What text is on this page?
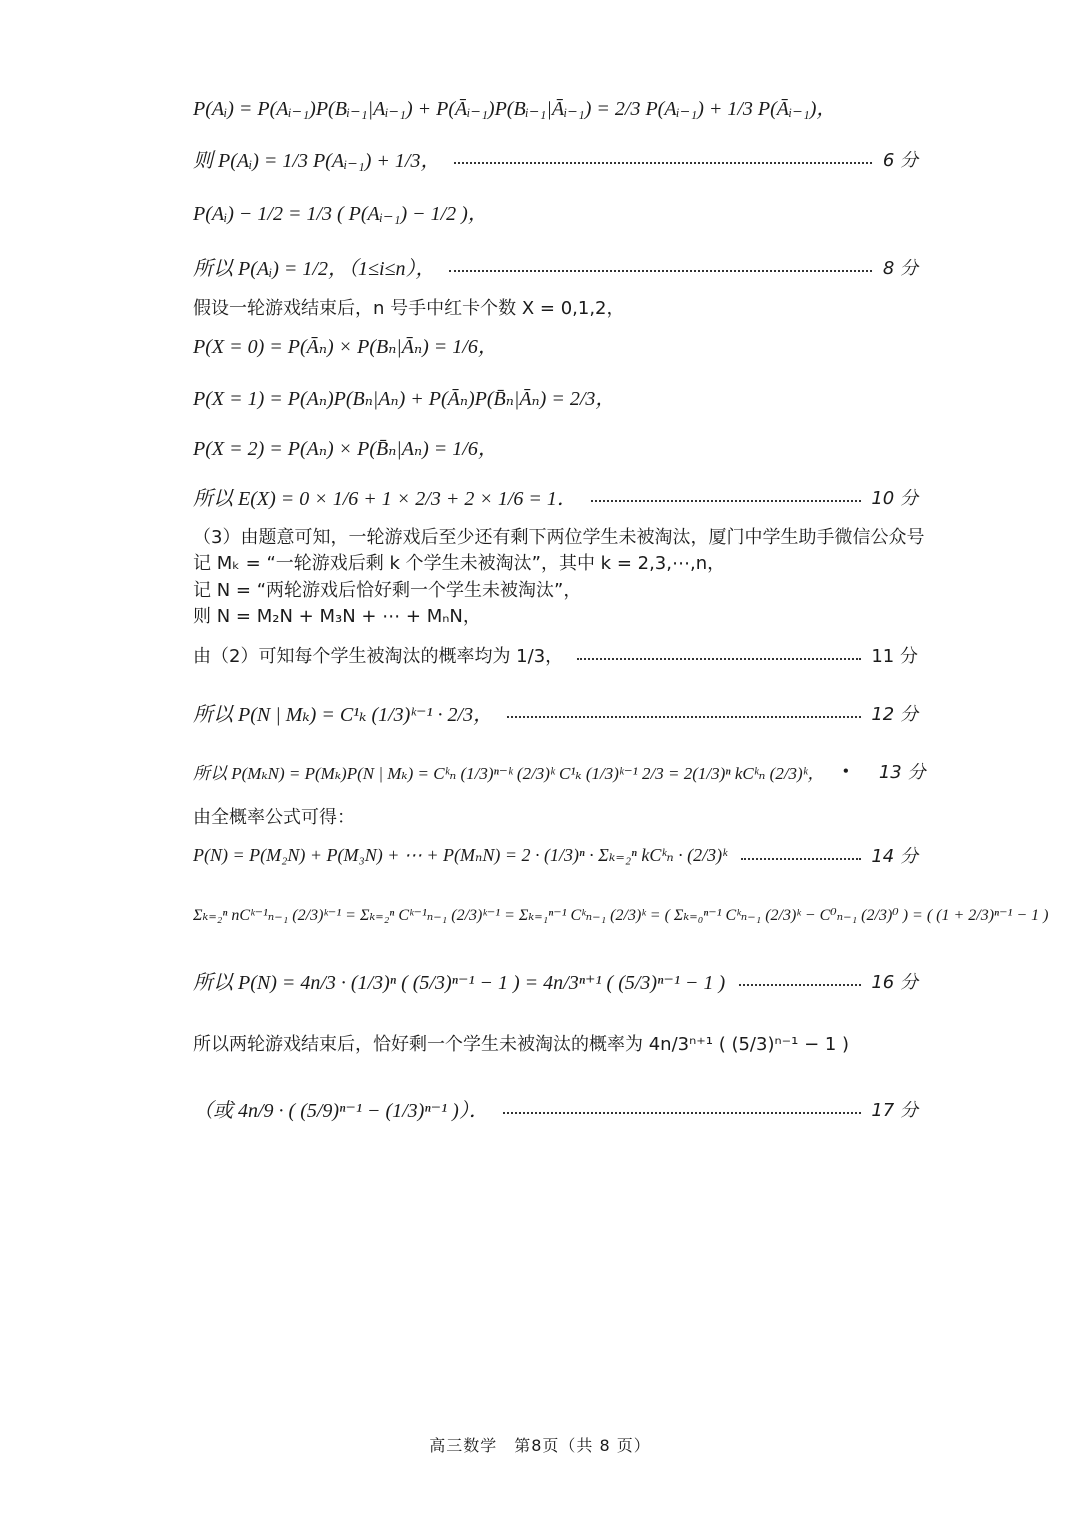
P(Aᵢ) = P(Aᵢ₋₁)P(Bᵢ₋₁|Aᵢ₋₁) + P(Āᵢ₋₁)P(Bᵢ₋₁|Āᵢ₋₁) = 2/3 P(Aᵢ₋₁) + 1/3 P(Āᵢ₋₁)，
则 P(Aᵢ) = 1/3 P(Aᵢ₋₁) + 1/3，	6 分
P(Aᵢ) − 1/2 = 1/3 ( P(Aᵢ₋₁) − 1/2 )，
所以 P(Aᵢ) = 1/2，（1≤i≤n），	8 分
假设一轮游戏结束后，n 号手中红卡个数 X = 0,1,2，
P(X = 0) = P(Āₙ) × P(Bₙ|Āₙ) = 1/6，
P(X = 1) = P(Aₙ)P(Bₙ|Aₙ) + P(Āₙ)P(B̄ₙ|Āₙ) = 2/3，
P(X = 2) = P(Aₙ) × P(B̄ₙ|Aₙ) = 1/6，
所以 E(X) = 0 × 1/6 + 1 × 2/3 + 2 × 1/6 = 1．	10 分
（3）由题意可知，一轮游戏后至少还有剩下两位学生未被淘汰，厦门中学生助手微信公众号
记 Mₖ = “一轮游戏后剩 k 个学生未被淘汰”，其中 k = 2,3,⋯,n，
记 N = “两轮游戏后恰好剩一个学生未被淘汰”，
则 N = M₂N + M₃N + ⋯ + MₙN，
由（2）可知每个学生被淘汰的概率均为 1/3，	11 分
所以 P(N | Mₖ) = C¹ₖ (1/3)ᵏ⁻¹ · 2/3，	12 分
所以 P(MₖN) = P(Mₖ)P(N | Mₖ) = Cᵏₙ (1/3)ⁿ⁻ᵏ (2/3)ᵏ C¹ₖ (1/3)ᵏ⁻¹ 2/3 = 2(1/3)ⁿ kCᵏₙ (2/3)ᵏ， • 13 分
由全概率公式可得：
P(N) = P(M₂N) + P(M₃N) + ⋯ + P(MₙN) = 2 · (1/3)ⁿ · Σₖ₌₂ⁿ kCᵏₙ · (2/3)ᵏ	14 分
Σₖ₌₂ⁿ nCᵏ⁻¹ₙ₋₁ (2/3)ᵏ⁻¹ = Σₖ₌₂ⁿ Cᵏ⁻¹ₙ₋₁ (2/3)ᵏ⁻¹ = Σₖ₌₁ⁿ⁻¹ Cᵏₙ₋₁ (2/3)ᵏ = ( Σₖ₌₀ⁿ⁻¹ Cᵏₙ₋₁ (2/3)ᵏ − C⁰ₙ₋₁ (2/3)⁰ ) = ( (1 + 2/3)ⁿ⁻¹ − 1 )
所以 P(N) = 4n/3 · (1/3)ⁿ ( (5/3)ⁿ⁻¹ − 1 ) = 4n/3ⁿ⁺¹ ( (5/3)ⁿ⁻¹ − 1 )	16 分
所以两轮游戏结束后，恰好剩一个学生未被淘汰的概率为 4n/3ⁿ⁺¹ ( (5/3)ⁿ⁻¹ − 1 )
（或 4n/9 · ( (5/9)ⁿ⁻¹ − (1/3)ⁿ⁻¹ )）．	17 分
高三数学　第8页（共 8 页）
